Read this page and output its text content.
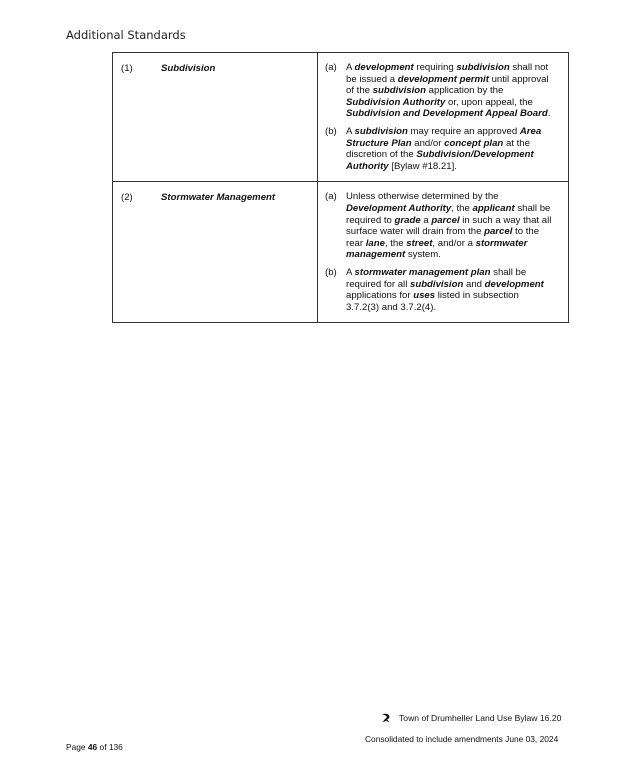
Additional Standards
(1) Subdivision	(a) A development requiring subdivision shall not be issued a development permit until approval of the subdivision application by the Subdivision Authority or, upon appeal, the Subdivision and Development Appeal Board.
(b) A subdivision may require an approved Area Structure Plan and/or concept plan at the discretion of the Subdivision/Development Authority [Bylaw #18.21].

(2) Stormwater Management	(a) Unless otherwise determined by the Development Authority, the applicant shall be required to grade a parcel in such a way that all surface water will drain from the parcel to the rear lane, the street, and/or a stormwater management system.
(b) A stormwater management plan shall be required for all subdivision and development applications for uses listed in subsection 3.7.2(3) and 3.7.2(4).
Town of Drumheller Land Use Bylaw 16.20
Consolidated to include amendments June 03, 2024
Page 46 of 136
